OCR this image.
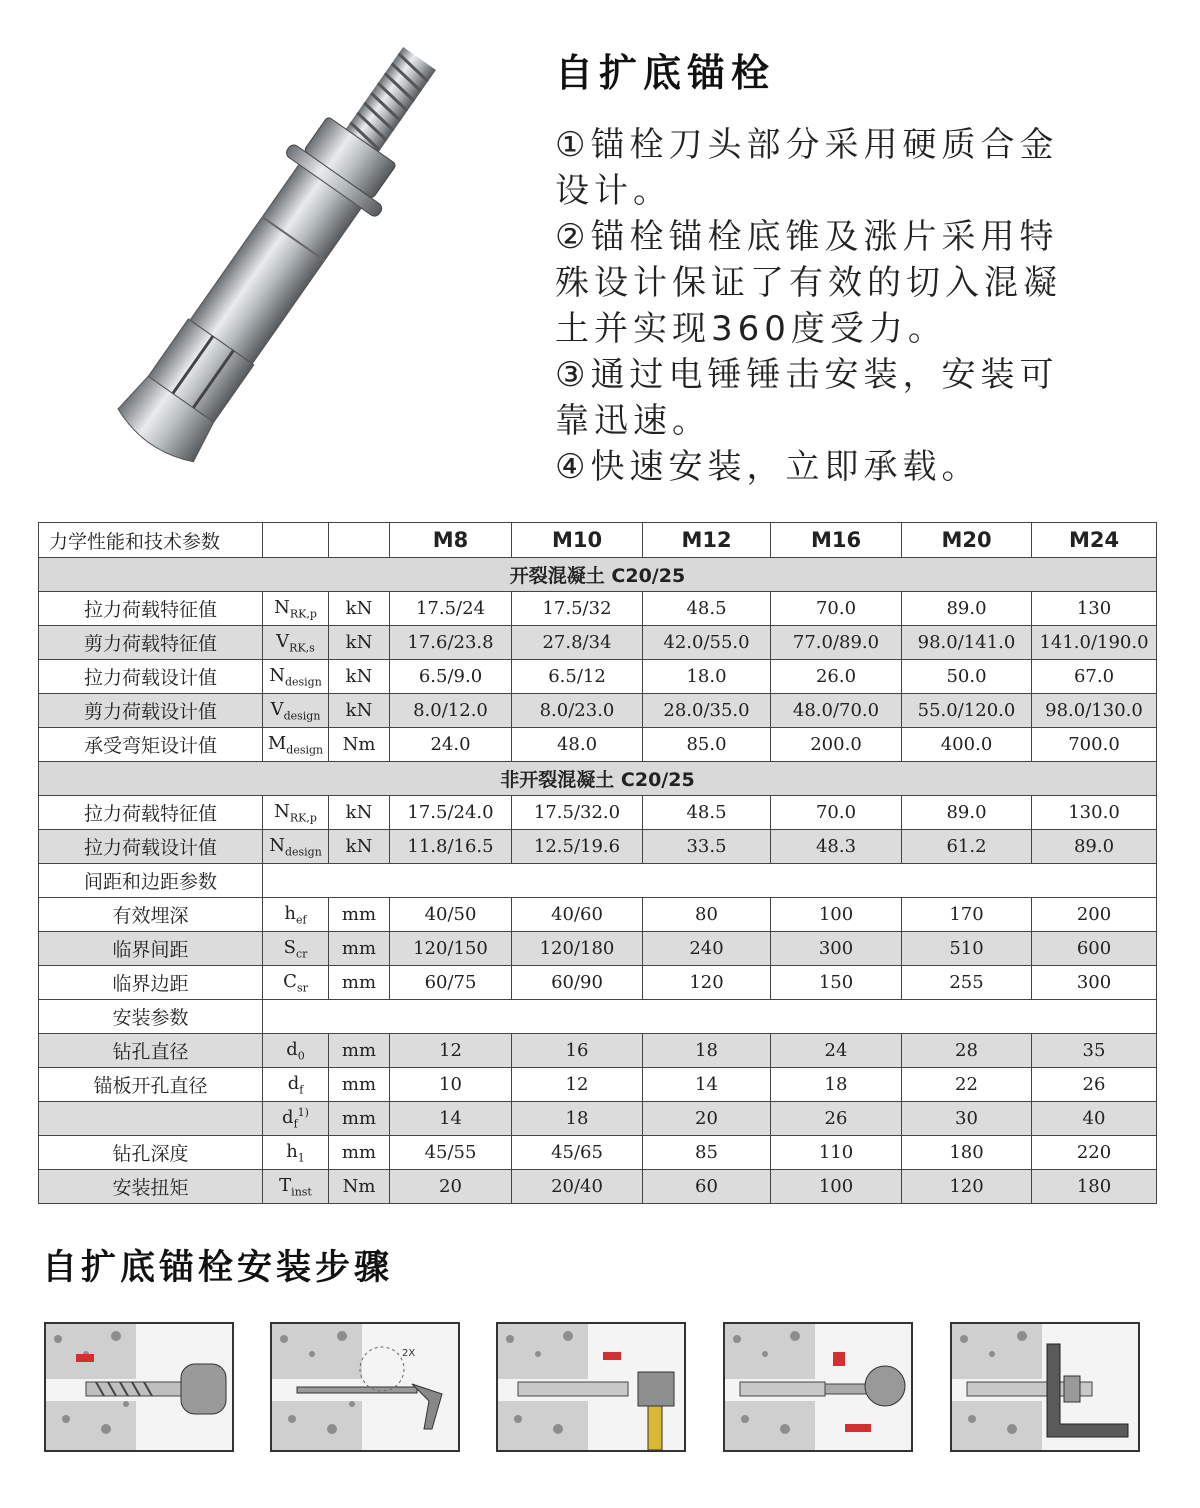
自扩底锚栓
①锚栓刀头部分采用硬质合金
设计。
②锚栓锚栓底锥及涨片采用特
殊设计保证了有效的切入混凝
土并实现360度受力。
③通过电锤锤击安装，安装可
靠迅速。
④快速安装，立即承载。
力学性能和技术参数			M8	M10	M12	M16	M20	M24
开裂混凝土 C20/25								
拉力荷载特征值	$N_{RK,p}$	kN	17.5/24	17.5/32	48.5	70.0	89.0	130
剪力荷载特征值	$V_{RK,s}$	kN	17.6/23.8	27.8/34	42.0/55.0	77.0/89.0	98.0/141.0	141.0/190.0
拉力荷载设计值	$N_{design}$	kN	6.5/9.0	6.5/12	18.0	26.0	50.0	67.0
剪力荷载设计值	$V_{design}$	kN	8.0/12.0	8.0/23.0	28.0/35.0	48.0/70.0	55.0/120.0	98.0/130.0
承受弯矩设计值	$M_{design}$	Nm	24.0	48.0	85.0	200.0	400.0	700.0
非开裂混凝土 C20/25								
拉力荷载特征值	$N_{RK,p}$	kN	17.5/24.0	17.5/32.0	48.5	70.0	89.0	130.0
拉力荷载设计值	$N_{design}$	kN	11.8/16.5	12.5/19.6	33.5	48.3	61.2	89.0
间距和边距参数								
有效埋深	$h_{ef}$	mm	40/50	40/60	80	100	170	200
临界间距	$S_{cr}$	mm	120/150	120/180	240	300	510	600
临界边距	$C_{sr}$	mm	60/75	60/90	120	150	255	300
安装参数								
钻孔直径	$d_0$	mm	12	16	18	24	28	35
锚板开孔直径	$d_f$	mm	10	12	14	18	22	26
	$d_f^{1)}$	mm	14	18	20	26	30	40
钻孔深度	$h_1$	mm	45/55	45/65	85	110	180	220
安装扭矩	$T_{inst}$	Nm	20	20/40	60	100	120	180
自扩底锚栓安装步骤
2X
